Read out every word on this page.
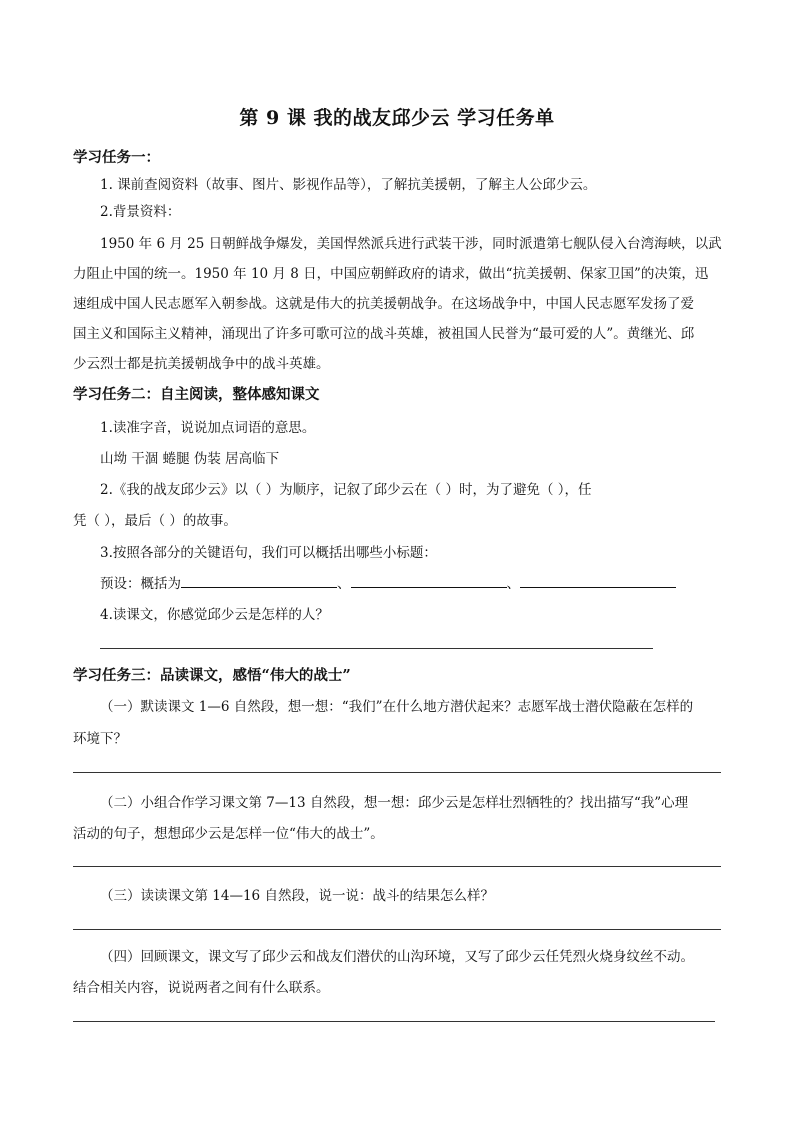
第 9 课 我的战友邱少云 学习任务单
学习任务一：
1. 课前查阅资料（故事、图片、影视作品等），了解抗美援朝，了解主人公邱少云。
2.背景资料：
1950 年 6 月 25 日朝鲜战争爆发，美国悍然派兵进行武装干涉，同时派遣第七舰队侵入台湾海峡，以武
力阻止中国的统一。1950 年 10 月 8 日，中国应朝鲜政府的请求，做出“抗美援朝、保家卫国”的决策，迅
速组成中国人民志愿军入朝参战。这就是伟大的抗美援朝战争。在这场战争中，中国人民志愿军发扬了爱
国主义和国际主义精神，涌现出了许多可歌可泣的战斗英雄，被祖国人民誉为“最可爱的人”。黄继光、邱
少云烈士都是抗美援朝战争中的战斗英雄。
学习任务二：自主阅读，整体感知课文
1.读准字音，说说加点词语的意思。
山坳 干涸 蜷腿 伪装 居高临下
2.《我的战友邱少云》以（ ）为顺序，记叙了邱少云在（ ）时，为了避免（ ），任
凭（ ），最后（ ）的故事。
3.按照各部分的关键语句，我们可以概括出哪些小标题：
预设：概括为	、	、
4.读课文，你感觉邱少云是怎样的人？
学习任务三：品读课文，感悟“伟大的战士”
（一）默读课文 1—6 自然段，想一想：“我们”在什么地方潜伏起来？志愿军战士潜伏隐蔽在怎样的
环境下？
（二）小组合作学习课文第 7—13 自然段，想一想：邱少云是怎样壮烈牺牲的？找出描写“我”心理
活动的句子，想想邱少云是怎样一位“伟大的战士”。
（三）读读课文第 14—16 自然段，说一说：战斗的结果怎么样？
（四）回顾课文，课文写了邱少云和战友们潜伏的山沟环境，又写了邱少云任凭烈火烧身纹丝不动。
结合相关内容，说说两者之间有什么联系。
